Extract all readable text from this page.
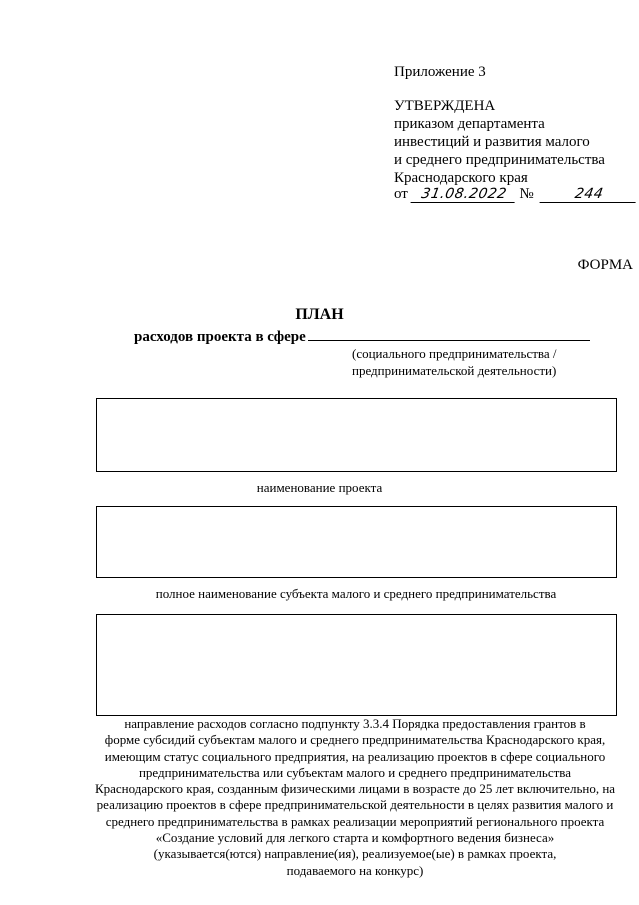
Приложение 3
УТВЕРЖДЕНА
приказом департамента
инвестиций и развития малого
и среднего предпринимательства
Краснодарского края
от 31.08.2022 №	244
ФОРМА
ПЛАН
расходов проекта в сфере
(социального предпринимательства /
предпринимательской деятельности)
наименование проекта
полное наименование субъекта малого и среднего предпринимательства
направление расходов согласно подпункту 3.3.4 Порядка предоставления грантов в
форме субсидий субъектам малого и среднего предпринимательства Краснодарского края,
имеющим статус социального предприятия, на реализацию проектов в сфере социального
предпринимательства или субъектам малого и среднего предпринимательства
Краснодарского края, созданным физическими лицами в возрасте до 25 лет включительно, на
реализацию проектов в сфере предпринимательской деятельности в целях развития малого и
среднего предпринимательства в рамках реализации мероприятий регионального проекта
«Создание условий для легкого старта и комфортного ведения бизнеса»
(указывается(ются) направление(ия), реализуемое(ые) в рамках проекта,
подаваемого на конкурс)
